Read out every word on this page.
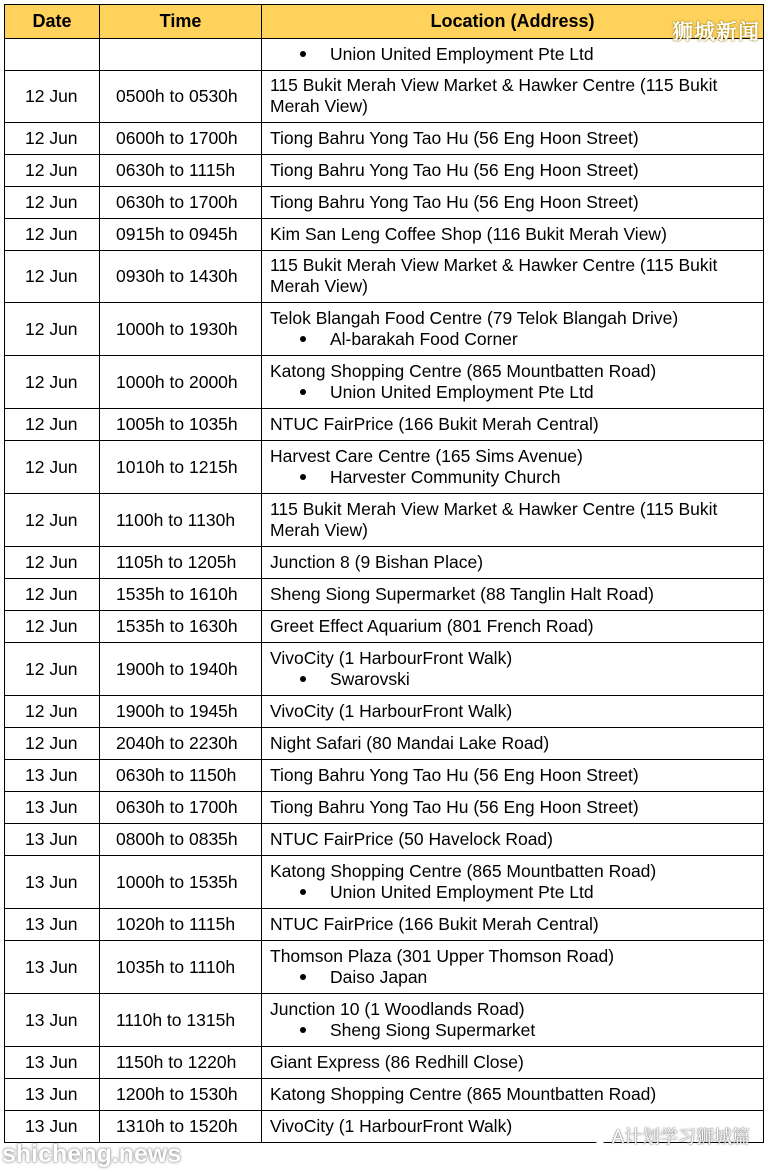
Date	Time	Location (Address)

		Union United Employment Pte Ltd

12 Jun	0500h to 0530h	115 Bukit Merah View Market & Hawker Centre (115 Bukit Merah View)

12 Jun	0600h to 1700h	Tiong Bahru Yong Tao Hu (56 Eng Hoon Street)

12 Jun	0630h to 1115h	Tiong Bahru Yong Tao Hu (56 Eng Hoon Street)

12 Jun	0630h to 1700h	Tiong Bahru Yong Tao Hu (56 Eng Hoon Street)

12 Jun	0915h to 0945h	Kim San Leng Coffee Shop (116 Bukit Merah View)

12 Jun	0930h to 1430h	115 Bukit Merah View Market & Hawker Centre (115 Bukit Merah View)

12 Jun	1000h to 1930h	Telok Blangah Food Centre (79 Telok Blangah Drive)
Al-barakah Food Corner

12 Jun	1000h to 2000h	Katong Shopping Centre (865 Mountbatten Road)
Union United Employment Pte Ltd

12 Jun	1005h to 1035h	NTUC FairPrice (166 Bukit Merah Central)

12 Jun	1010h to 1215h	Harvest Care Centre (165 Sims Avenue)
Harvester Community Church

12 Jun	1100h to 1130h	115 Bukit Merah View Market & Hawker Centre (115 Bukit Merah View)

12 Jun	1105h to 1205h	Junction 8 (9 Bishan Place)

12 Jun	1535h to 1610h	Sheng Siong Supermarket (88 Tanglin Halt Road)

12 Jun	1535h to 1630h	Greet Effect Aquarium (801 French Road)

12 Jun	1900h to 1940h	VivoCity (1 HarbourFront Walk)
Swarovski

12 Jun	1900h to 1945h	VivoCity (1 HarbourFront Walk)

12 Jun	2040h to 2230h	Night Safari (80 Mandai Lake Road)

13 Jun	0630h to 1150h	Tiong Bahru Yong Tao Hu (56 Eng Hoon Street)

13 Jun	0630h to 1700h	Tiong Bahru Yong Tao Hu (56 Eng Hoon Street)

13 Jun	0800h to 0835h	NTUC FairPrice (50 Havelock Road)

13 Jun	1000h to 1535h	Katong Shopping Centre (865 Mountbatten Road)
Union United Employment Pte Ltd

13 Jun	1020h to 1115h	NTUC FairPrice (166 Bukit Merah Central)

13 Jun	1035h to 1110h	Thomson Plaza (301 Upper Thomson Road)
Daiso Japan

13 Jun	1110h to 1315h	Junction 10 (1 Woodlands Road)
Sheng Siong Supermarket

13 Jun	1150h to 1220h	Giant Express (86 Redhill Close)

13 Jun	1200h to 1530h	Katong Shopping Centre (865 Mountbatten Road)

13 Jun	1310h to 1520h	VivoCity (1 HarbourFront Walk)
狮城新闻
shicheng.news
A计划学习狮城篇
